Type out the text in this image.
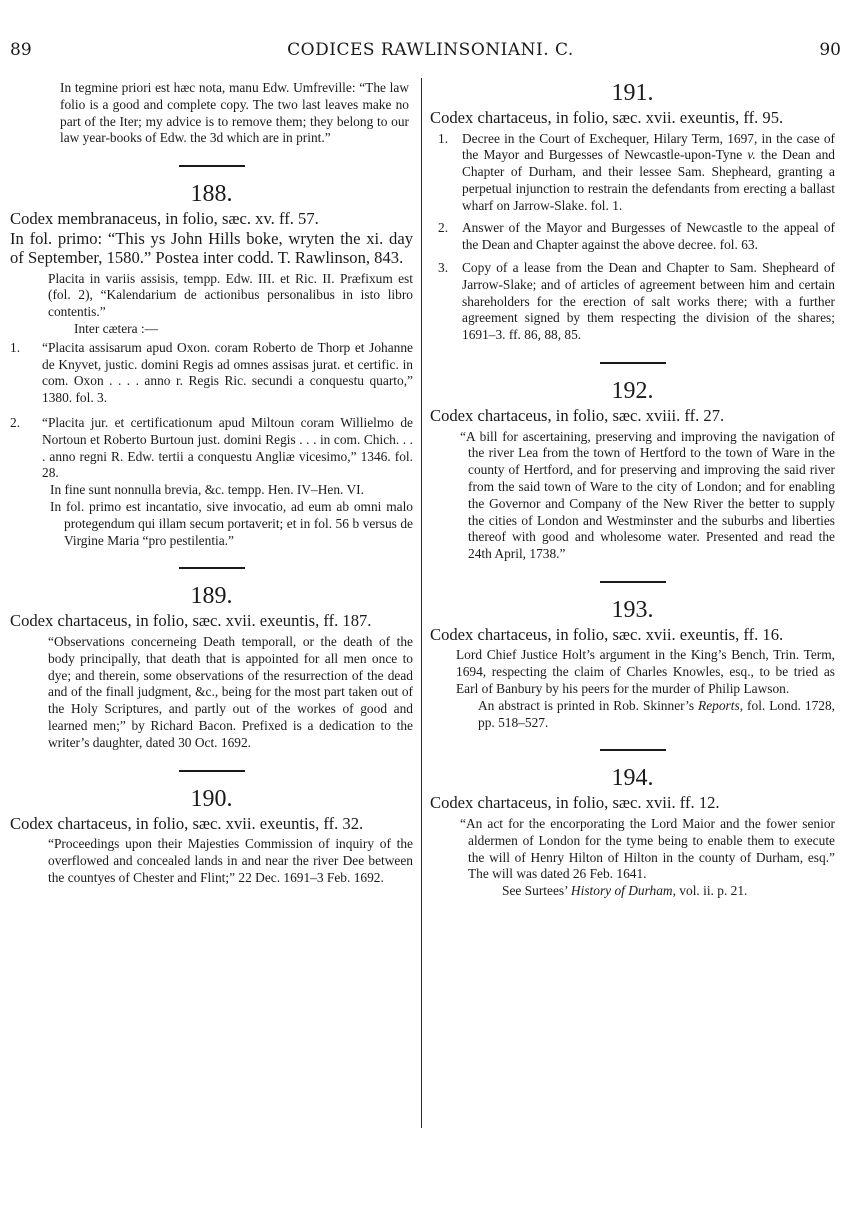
89	CODICES RAWLINSONIANI. C.	90

In tegmine priori est hæc nota, manu Edw. Umfreville: “The law folio is a good and complete copy. The two last leaves make no part of the Iter; my advice is to remove them; they belong to our law year-books of Edw. the 3d which are in print.”

188.

Codex membranaceus, in folio, sæc. xv. ff. 57.

In fol. primo: “This ys John Hills boke, wryten the xi. day of September, 1580.” Postea inter codd. T. Rawlinson, 843.

Placita in variis assisis, tempp. Edw. III. et Ric. II. Præfixum est (fol. 2), “Kalendarium de actionibus personalibus in isto libro contentis.”

Inter cætera :—

1.	“Placita assisarum apud Oxon. coram Roberto de Thorp et Johanne de Knyvet, justic. domini Regis ad omnes assisas jurat. et certific. in com. Oxon . . . . anno r. Regis Ric. secundi a conquestu quarto,” 1380. fol. 3.

2.	“Placita jur. et certificationum apud Miltoun coram Willielmo de Nortoun et Roberto Burtoun just. domini Regis . . . in com. Chich. . . . anno regni R. Edw. tertii a conquestu Angliæ vicesimo,” 1346. fol. 28.

In fine sunt nonnulla brevia, &c. tempp. Hen. IV–Hen. VI.

In fol. primo est incantatio, sive invocatio, ad eum ab omni malo protegendum qui illam secum portaverit; et in fol. 56 b versus de Virgine Maria “pro pestilentia.”

189.

Codex chartaceus, in folio, sæc. xvii. exeuntis, ff. 187.

“Observations concerneing Death temporall, or the death of the body principally, that death that is appointed for all men once to dye; and therein, some observations of the resurrection of the dead and of the finall judgment, &c., being for the most part taken out of the Holy Scriptures, and partly out of the workes of good and learned men;” by Richard Bacon. Prefixed is a dedication to the writer’s daughter, dated 30 Oct. 1692.

190.

Codex chartaceus, in folio, sæc. xvii. exeuntis, ff. 32.

“Proceedings upon their Majesties Commission of inquiry of the overflowed and concealed lands in and near the river Dee between the countyes of Chester and Flint;” 22 Dec. 1691–3 Feb. 1692.

191.

Codex chartaceus, in folio, sæc. xvii. exeuntis, ff. 95.

1.	Decree in the Court of Exchequer, Hilary Term, 1697, in the case of the Mayor and Burgesses of Newcastle-upon-Tyne v. the Dean and Chapter of Durham, and their lessee Sam. Shepheard, granting a perpetual injunction to restrain the defendants from erecting a ballast wharf on Jarrow-Slake. fol. 1.

2.	Answer of the Mayor and Burgesses of Newcastle to the appeal of the Dean and Chapter against the above decree. fol. 63.

3.	Copy of a lease from the Dean and Chapter to Sam. Shepheard of Jarrow-Slake; and of articles of agreement between him and certain shareholders for the erection of salt works there; with a further agreement signed by them respecting the division of the shares; 1691–3. ff. 86, 88, 85.

192.

Codex chartaceus, in folio, sæc. xviii. ff. 27.

“A bill for ascertaining, preserving and improving the navigation of the river Lea from the town of Hertford to the town of Ware in the county of Hertford, and for preserving and improving the said river from the said town of Ware to the city of London; and for enabling the Governor and Company of the New River the better to supply the cities of London and Westminster and the suburbs and liberties thereof with good and wholesome water. Presented and read the 24th April, 1738.”

193.

Codex chartaceus, in folio, sæc. xvii. exeuntis, ff. 16.

Lord Chief Justice Holt’s argument in the King’s Bench, Trin. Term, 1694, respecting the claim of Charles Knowles, esq., to be tried as Earl of Banbury by his peers for the murder of Philip Lawson.

An abstract is printed in Rob. Skinner’s Reports, fol. Lond. 1728, pp. 518–527.

194.

Codex chartaceus, in folio, sæc. xvii. ff. 12.

“An act for the encorporating the Lord Maior and the fower senior aldermen of London for the tyme being to enable them to execute the will of Henry Hilton of Hilton in the county of Durham, esq.” The will was dated 26 Feb. 1641.

See Surtees’ History of Durham, vol. ii. p. 21.
